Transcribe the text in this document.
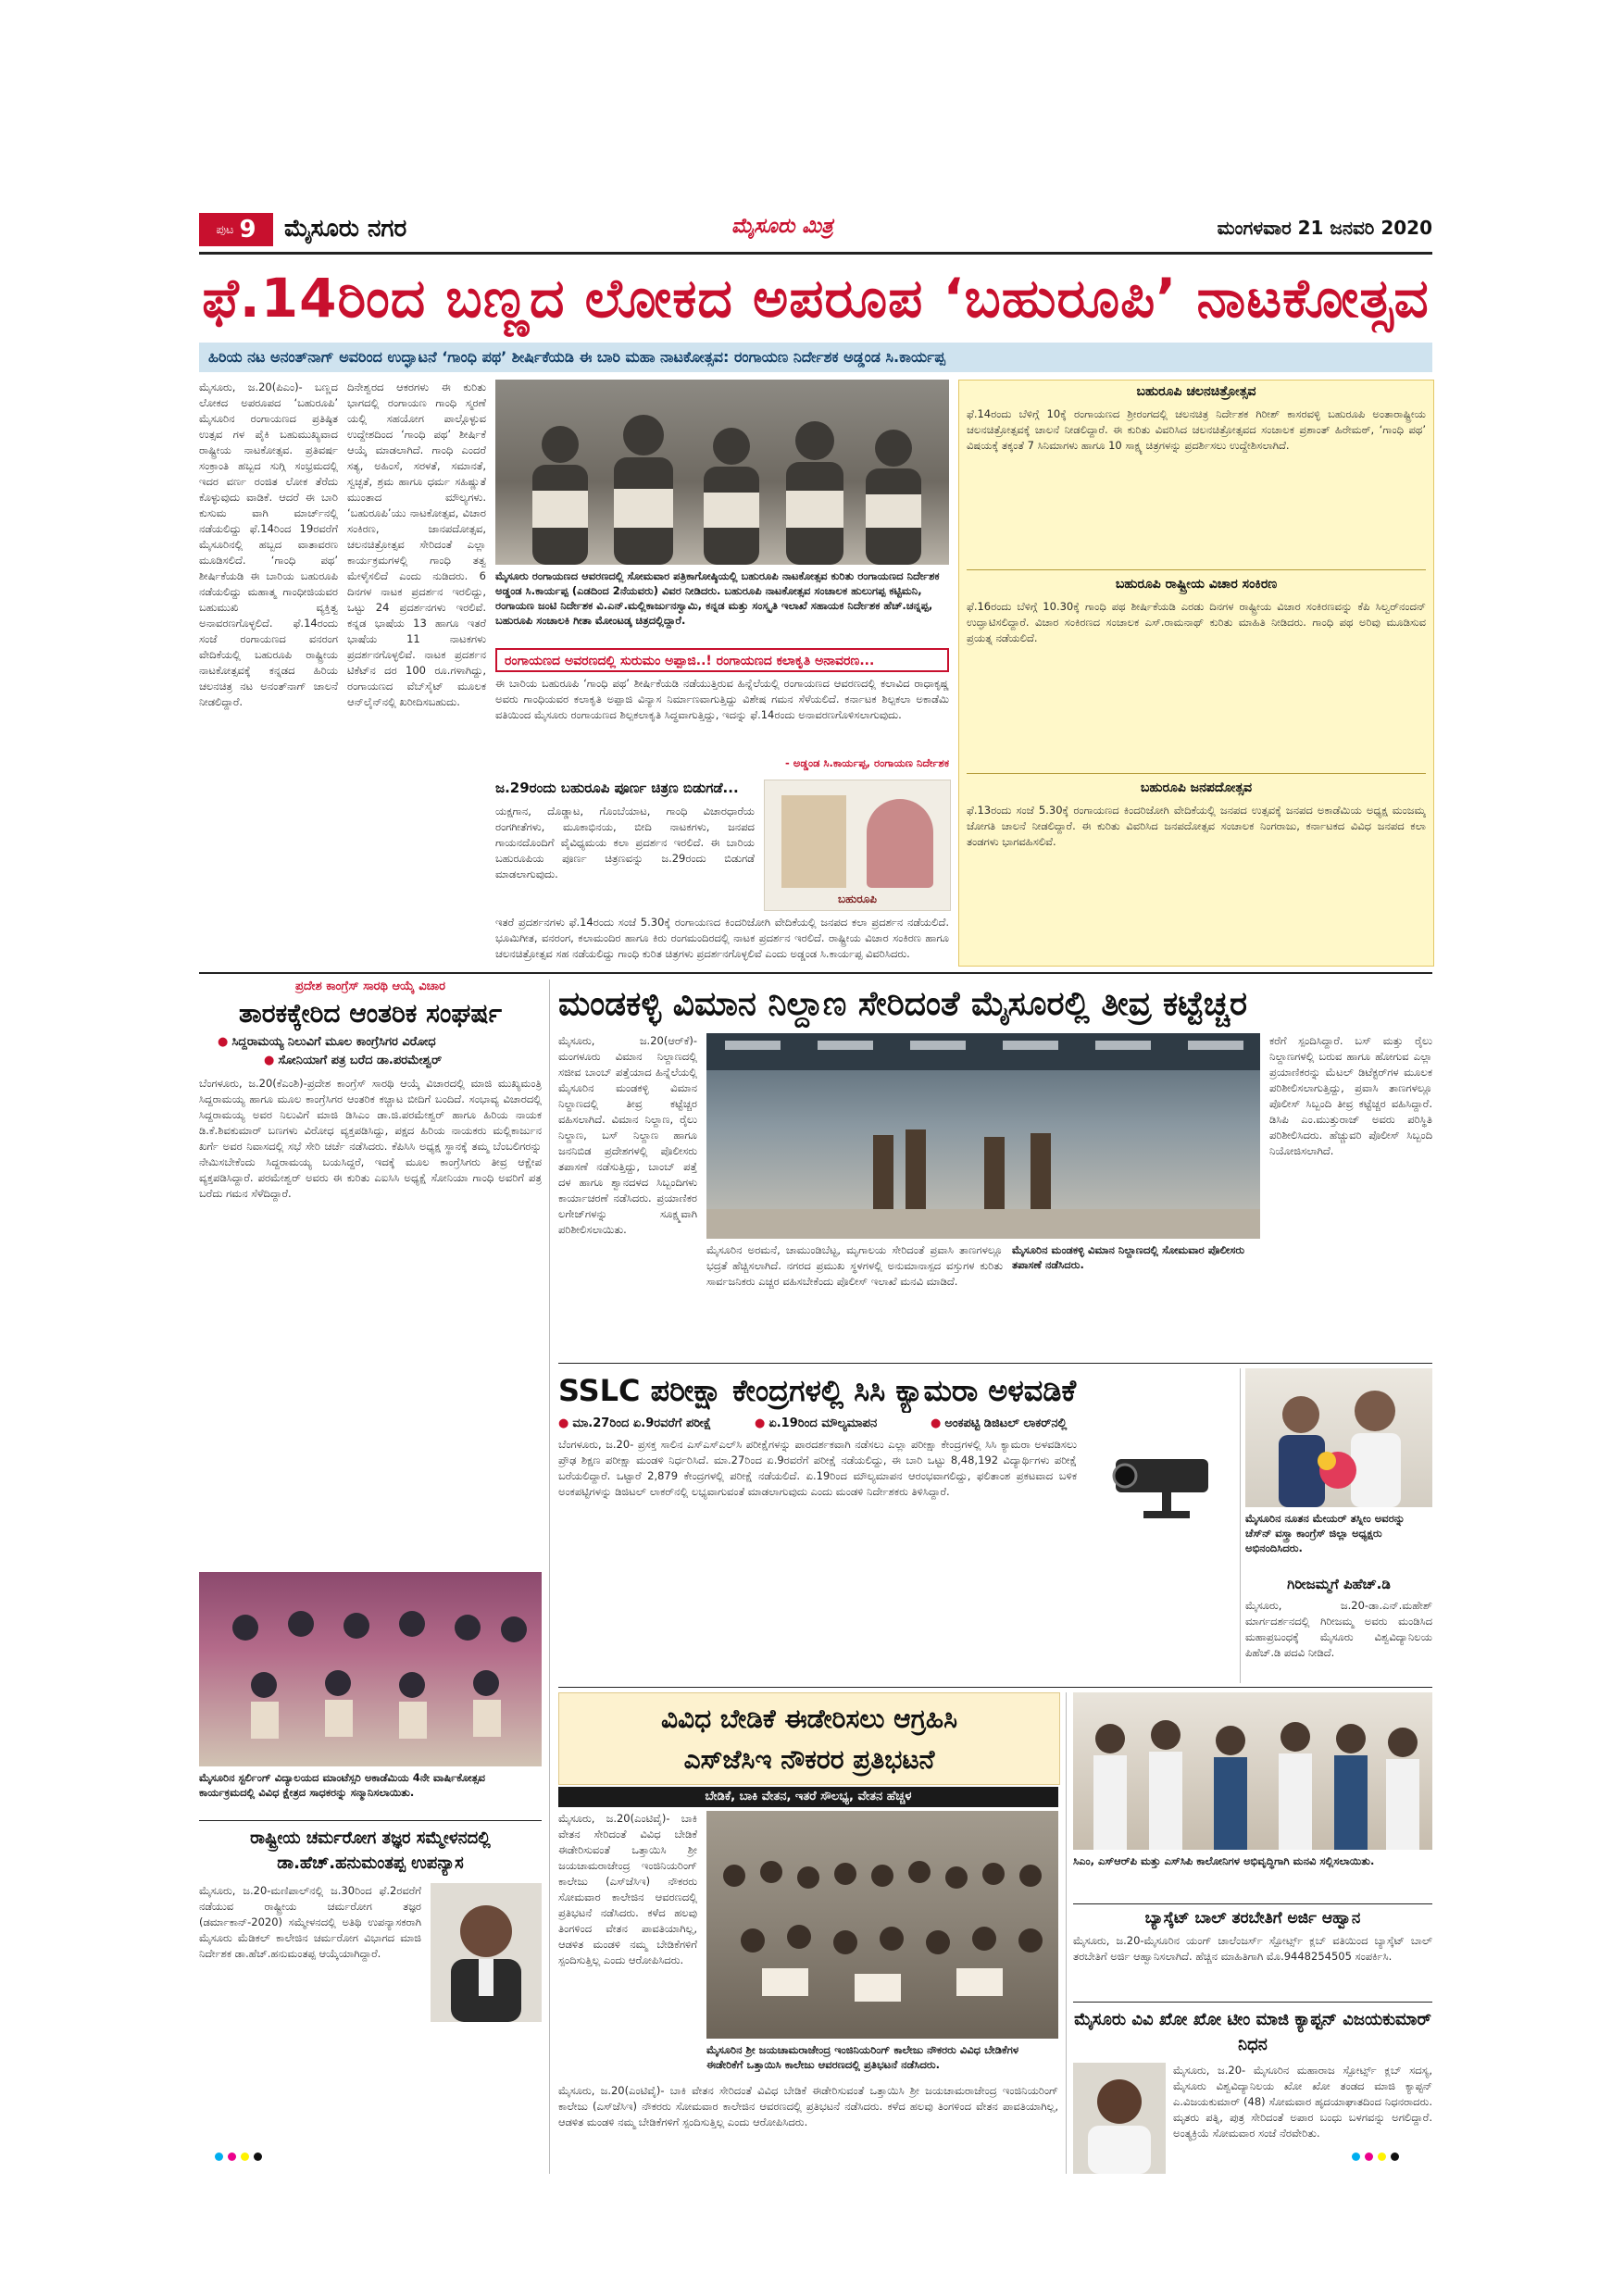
ಪುಟ 9 ಮೈಸೂರು ನಗರ	ಮೈಸೂರು ಮಿತ್ರ	ಮಂಗಳವಾರ 21 ಜನವರಿ 2020
ಫೆ.14ರಿಂದ ಬಣ್ಣದ ಲೋಕದ ಅಪರೂಪ ‘ಬಹುರೂಪಿ’ ನಾಟಕೋತ್ಸವ
ಹಿರಿಯ ನಟ ಅನಂತ್‌ನಾಗ್ ಅವರಿಂದ ಉದ್ಘಾಟನೆ ‘ಗಾಂಧಿ ಪಥ’ ಶೀರ್ಷಿಕೆಯಡಿ ಈ ಬಾರಿ ಮಹಾ ನಾಟಕೋತ್ಸವ: ರಂಗಾಯಣ ನಿರ್ದೇಶಕ ಅಡ್ಡಂಡ ಸಿ.ಕಾರ್ಯಪ್ಪ
ಮೈಸೂರು, ಜ.20(ಪಿಎಂ)- ಬಣ್ಣದ ಲೋಕದ ಅಪರೂಪದ ‘ಬಹುರೂಪಿ’ ಮೈಸೂರಿನ ರಂಗಾಯಣದ ಪ್ರತಿಷ್ಠಿತ ಉತ್ಸವ ಗಳ ಪೈಕಿ ಬಹುಮುಖ್ಯವಾದ ರಾಷ್ಟ್ರೀಯ ನಾಟಕೋತ್ಸವ. ಪ್ರತಿವರ್ಷ ಸಂಕ್ರಾಂತಿ ಹಬ್ಬದ ಸುಗ್ಗಿ ಸಂಭ್ರಮದಲ್ಲಿ ಇದರ ವರ್ಣ ರಂಜಿತ ಲೋಕ ತೆರೆದು ಕೊಳ್ಳುವುದು ವಾಡಿಕೆ. ಆದರೆ ಈ ಬಾರಿ ಕುಸುಮ ವಾಗಿ ಮಾರ್ಚ್‌ನಲ್ಲಿ ನಡೆಯಲಿದ್ದು ಫೆ.14ರಿಂದ 19ರವರೆಗೆ ಮೈಸೂರಿನಲ್ಲಿ ಹಬ್ಬದ ವಾತಾವರಣ ಮೂಡಿಸಲಿದೆ. ‘ಗಾಂಧಿ ಪಥ’ ಶೀರ್ಷಿಕೆಯಡಿ ಈ ಬಾರಿಯ ಬಹುರೂಪಿ ನಡೆಯಲಿದ್ದು ಮಹಾತ್ಮ ಗಾಂಧೀಜಿಯವರ ಬಹುಮುಖಿ ವ್ಯಕ್ತಿತ್ವ ಅನಾವರಣಗೊಳ್ಳಲಿದೆ. ಫೆ.14ರಂದು ಸಂಜೆ ರಂಗಾಯಣದ ವನರಂಗ ವೇದಿಕೆಯಲ್ಲಿ ಬಹುರೂಪಿ ರಾಷ್ಟ್ರೀಯ ನಾಟಕೋತ್ಸವಕ್ಕೆ ಕನ್ನಡದ ಹಿರಿಯ ಚಲನಚಿತ್ರ ನಟ ಅನಂತ್‌ನಾಗ್ ಚಾಲನೆ ನೀಡಲಿದ್ದಾರೆ.
ದಿನೇಶ್ವರದ ಆಕರಗಳು ಈ ಕುರಿತು ಭಾಗದಲ್ಲಿ ರಂಗಾಯಣ ಗಾಂಧಿ ಸ್ಮರಣೆ ಯಲ್ಲಿ ಸಹಯೋಗ ಪಾಲ್ಗೊಳ್ಳುವ ಉದ್ದೇಶದಿಂದ ‘ಗಾಂಧಿ ಪಥ’ ಶೀರ್ಷಿಕೆ ಆಯ್ಕೆ ಮಾಡಲಾಗಿದೆ. ಗಾಂಧಿ ಎಂದರೆ ಸತ್ಯ, ಅಹಿಂಸೆ, ಸರಳತೆ, ಸಮಾನತೆ, ಸ್ವಚ್ಛತೆ, ಶ್ರಮ ಹಾಗೂ ಧರ್ಮ ಸಹಿಷ್ಣುತೆ ಮುಂತಾದ ಮೌಲ್ಯಗಳು. ‘ಬಹುರೂಪಿ’ಯು ನಾಟಕೋತ್ಸವ, ವಿಚಾರ ಸಂಕಿರಣ, ಜಾನಪದೋತ್ಸವ, ಚಲನಚಿತ್ರೋತ್ಸವ ಸೇರಿದಂತೆ ಎಲ್ಲಾ ಕಾರ್ಯಕ್ರಮಗಳಲ್ಲಿ ಗಾಂಧಿ ತತ್ವ ಮೇಳೈಸಲಿದೆ ಎಂದು ನುಡಿದರು. 6 ದಿನಗಳ ನಾಟಕ ಪ್ರದರ್ಶನ ಇರಲಿದ್ದು, ಒಟ್ಟು 24 ಪ್ರದರ್ಶನಗಳು ಇರಲಿವೆ. ಕನ್ನಡ ಭಾಷೆಯ 13 ಹಾಗೂ ಇತರೆ ಭಾಷೆಯ 11 ನಾಟಕಗಳು ಪ್ರದರ್ಶನಗೊಳ್ಳಲಿವೆ. ನಾಟಕ ಪ್ರದರ್ಶನ ಟಿಕೆಟ್‌ನ ದರ 100 ರೂ.ಗಳಾಗಿದ್ದು, ರಂಗಾಯಣದ ವೆಬ್‌ಸೈಟ್ ಮೂಲಕ ಆನ್‌ಲೈನ್‌ನಲ್ಲಿ ಖರೀದಿಸಬಹುದು.
ಮೈಸೂರು ರಂಗಾಯಣದ ಆವರಣದಲ್ಲಿ ಸೋಮವಾರ ಪತ್ರಿಕಾಗೋಷ್ಠಿಯಲ್ಲಿ ಬಹುರೂಪಿ ನಾಟಕೋತ್ಸವ ಕುರಿತು ರಂಗಾಯಣದ ನಿರ್ದೇಶಕ ಅಡ್ಡಂಡ ಸಿ.ಕಾರ್ಯಪ್ಪ (ಎಡದಿಂದ 2ನೆಯವರು) ವಿವರ ನೀಡಿದರು. ಬಹುರೂಪಿ ನಾಟಕೋತ್ಸವ ಸಂಚಾಲಕ ಹುಲುಗಪ್ಪ ಕಟ್ಟಿಮನಿ, ರಂಗಾಯಣ ಜಂಟಿ ನಿರ್ದೇಶಕ ವಿ.ಎನ್.ಮಲ್ಲಿಕಾರ್ಜುನಸ್ವಾಮಿ, ಕನ್ನಡ ಮತ್ತು ಸಂಸ್ಕೃತಿ ಇಲಾಖೆ ಸಹಾಯಕ ನಿರ್ದೇಶಕ ಹೆಚ್.ಚನ್ನಪ್ಪ, ಬಹುರೂಪಿ ಸಂಚಾಲಕಿ ಗೀತಾ ಮೋಂಟಡ್ಕ ಚಿತ್ರದಲ್ಲಿದ್ದಾರೆ.
ರಂಗಾಯಣದ ಅವರಣದಲ್ಲಿ ಸುರುಮಂ ಅಪ್ಪಾಜಿ..! ರಂಗಾಯಣದ ಕಲಾಕೃತಿ ಅನಾವರಣ...
ಈ ಬಾರಿಯ ಬಹುರೂಪಿ ‘ಗಾಂಧಿ ಪಥ’ ಶೀರ್ಷಿಕೆಯಡಿ ನಡೆಯುತ್ತಿರುವ ಹಿನ್ನೆಲೆಯಲ್ಲಿ ರಂಗಾಯಣದ ಆವರಣದಲ್ಲಿ ಕಲಾವಿದ ರಾಧಾಕೃಷ್ಣ ಅವರು ಗಾಂಧಿಯವರ ಕಲಾಕೃತಿ ಅಪ್ಪಾಜಿ ವಿನ್ಯಾಸ ನಿರ್ಮಾಣವಾಗುತ್ತಿದ್ದು ವಿಶೇಷ ಗಮನ ಸೆಳೆಯಲಿದೆ. ಕರ್ನಾಟಕ ಶಿಲ್ಪಕಲಾ ಅಕಾಡೆಮಿ ವತಿಯಿಂದ ಮೈಸೂರು ರಂಗಾಯಣದ ಶಿಲ್ಪಕಲಾಕೃತಿ ಸಿದ್ಧವಾಗುತ್ತಿದ್ದು, ಇದನ್ನು ಫೆ.14ರಂದು ಅನಾವರಣಗೊಳಿಸಲಾಗುವುದು.
- ಅಡ್ಡಂಡ ಸಿ.ಕಾರ್ಯಪ್ಪ, ರಂಗಾಯಣ ನಿರ್ದೇಶಕ
ಜ.29ರಂದು ಬಹುರೂಪಿ ಪೂರ್ಣ ಚಿತ್ರಣ ಬಿಡುಗಡೆ...
ಯಕ್ಷಗಾನ, ದೊಡ್ಡಾಟ, ಗೊಂಬೆಯಾಟ, ಗಾಂಧಿ ವಿಚಾರಧಾರೆಯ ರಂಗಗೀತೆಗಳು, ಮೂಕಾಭಿನಯ, ಬೀದಿ ನಾಟಕಗಳು, ಜನಪದ ಗಾಯನದೊಂದಿಗೆ ವೈವಿಧ್ಯಮಯ ಕಲಾ ಪ್ರದರ್ಶನ ಇರಲಿದೆ. ಈ ಬಾರಿಯ ಬಹುರೂಪಿಯ ಪೂರ್ಣ ಚಿತ್ರಣವನ್ನು ಜ.29ರಂದು ಬಿಡುಗಡೆ ಮಾಡಲಾಗುವುದು.
ಬಹುರೂಪಿ
ಇತರೆ ಪ್ರದರ್ಶನಗಳು ಫೆ.14ರಂದು ಸಂಜೆ 5.30ಕ್ಕೆ ರಂಗಾಯಣದ ಕಿಂದರಿಜೋಗಿ ವೇದಿಕೆಯಲ್ಲಿ ಜನಪದ ಕಲಾ ಪ್ರದರ್ಶನ ನಡೆಯಲಿದೆ. ಭೂಮಿಗೀತ, ವನರಂಗ, ಕಲಾಮಂದಿರ ಹಾಗೂ ಕಿರು ರಂಗಮಂದಿರದಲ್ಲಿ ನಾಟಕ ಪ್ರದರ್ಶನ ಇರಲಿದೆ. ರಾಷ್ಟ್ರೀಯ ವಿಚಾರ ಸಂಕಿರಣ ಹಾಗೂ ಚಲನಚಿತ್ರೋತ್ಸವ ಸಹ ನಡೆಯಲಿದ್ದು ಗಾಂಧಿ ಕುರಿತ ಚಿತ್ರಗಳು ಪ್ರದರ್ಶನಗೊಳ್ಳಲಿವೆ ಎಂದು ಅಡ್ಡಂಡ ಸಿ.ಕಾರ್ಯಪ್ಪ ವಿವರಿಸಿದರು.
ಬಹುರೂಪಿ ಚಲನಚಿತ್ರೋತ್ಸವ
ಫೆ.14ರಂದು ಬೆಳಿಗ್ಗೆ 10ಕ್ಕೆ ರಂಗಾಯಣದ ಶ್ರೀರಂಗದಲ್ಲಿ ಚಲನಚಿತ್ರ ನಿರ್ದೇಶಕ ಗಿರೀಶ್ ಕಾಸರವಳ್ಳಿ ಬಹುರೂಪಿ ಅಂತಾರಾಷ್ಟ್ರೀಯ ಚಲನಚಿತ್ರೋತ್ಸವಕ್ಕೆ ಚಾಲನೆ ನೀಡಲಿದ್ದಾರೆ. ಈ ಕುರಿತು ವಿವರಿಸಿದ ಚಲನಚಿತ್ರೋತ್ಸವದ ಸಂಚಾಲಕ ಪ್ರಶಾಂತ್ ಹಿರೇಮಠ್, ‘ಗಾಂಧಿ ಪಥ’ ವಿಷಯಕ್ಕೆ ತಕ್ಕಂತೆ 7 ಸಿನಿಮಾಗಳು ಹಾಗೂ 10 ಸಾಕ್ಷ್ಯ ಚಿತ್ರಗಳನ್ನು ಪ್ರದರ್ಶಿಸಲು ಉದ್ದೇಶಿಸಲಾಗಿದೆ.
ಬಹುರೂಪಿ ರಾಷ್ಟ್ರೀಯ ವಿಚಾರ ಸಂಕಿರಣ
ಫೆ.16ರಂದು ಬೆಳಿಗ್ಗೆ 10.30ಕ್ಕೆ ಗಾಂಧಿ ಪಥ ಶೀರ್ಷಿಕೆಯಡಿ ಎರಡು ದಿನಗಳ ರಾಷ್ಟ್ರೀಯ ವಿಚಾರ ಸಂಕಿರಣವನ್ನು ಕೆಪಿ ಸಿಲ್ವರ್‌ನಂದನ್ ಉದ್ಘಾಟಿಸಲಿದ್ದಾರೆ. ವಿಚಾರ ಸಂಕಿರಣದ ಸಂಚಾಲಕ ಎಸ್.ರಾಮನಾಥ್ ಕುರಿತು ಮಾಹಿತಿ ನೀಡಿದರು. ಗಾಂಧಿ ಪಥ ಅರಿವು ಮೂಡಿಸುವ ಪ್ರಯತ್ನ ನಡೆಯಲಿದೆ.
ಬಹುರೂಪಿ ಜನಪದೋತ್ಸವ
ಫೆ.13ರಂದು ಸಂಜೆ 5.30ಕ್ಕೆ ರಂಗಾಯಣದ ಕಿಂದರಿಜೋಗಿ ವೇದಿಕೆಯಲ್ಲಿ ಜನಪದ ಉತ್ಸವಕ್ಕೆ ಜನಪದ ಅಕಾಡೆಮಿಯ ಅಧ್ಯಕ್ಷ ಮಂಜಮ್ಮ ಜೋಗತಿ ಚಾಲನೆ ನೀಡಲಿದ್ದಾರೆ. ಈ ಕುರಿತು ವಿವರಿಸಿದ ಜನಪದೋತ್ಸವ ಸಂಚಾಲಕ ನಿಂಗರಾಜು, ಕರ್ನಾಟಕದ ವಿವಿಧ ಜನಪದ ಕಲಾ ತಂಡಗಳು ಭಾಗವಹಿಸಲಿವೆ.
ಪ್ರದೇಶ ಕಾಂಗ್ರೆಸ್ ಸಾರಥಿ ಆಯ್ಕೆ ವಿಚಾರ
ತಾರಕಕ್ಕೇರಿದ ಆಂತರಿಕ ಸಂಘರ್ಷ
● ಸಿದ್ದರಾಮಯ್ಯ ನಿಲುವಿಗೆ ಮೂಲ ಕಾಂಗ್ರೆಸಿಗರ ವಿರೋಧ
● ಸೋನಿಯಾಗೆ ಪತ್ರ ಬರೆದ ಡಾ.ಪರಮೇಶ್ವರ್
ಬೆಂಗಳೂರು, ಜ.20(ಕೆಎಂಶಿ)-ಪ್ರದೇಶ ಕಾಂಗ್ರೆಸ್ ಸಾರಥಿ ಆಯ್ಕೆ ವಿಚಾರದಲ್ಲಿ ಮಾಜಿ ಮುಖ್ಯಮಂತ್ರಿ ಸಿದ್ದರಾಮಯ್ಯ ಹಾಗೂ ಮೂಲ ಕಾಂಗ್ರೆಸಿಗರ ಆಂತರಿಕ ಕಚ್ಚಾಟ ಬೀದಿಗೆ ಬಂದಿದೆ. ಸಂಭಾವ್ಯ ವಿಚಾರದಲ್ಲಿ ಸಿದ್ದರಾಮಯ್ಯ ಅವರ ನಿಲುವಿಗೆ ಮಾಜಿ ಡಿಸಿಎಂ ಡಾ.ಜಿ.ಪರಮೇಶ್ವರ್ ಹಾಗೂ ಹಿರಿಯ ನಾಯಕ ಡಿ.ಕೆ.ಶಿವಕುಮಾರ್ ಬಣಗಳು ವಿರೋಧ ವ್ಯಕ್ತಪಡಿಸಿದ್ದು, ಪಕ್ಷದ ಹಿರಿಯ ನಾಯಕರು ಮಲ್ಲಿಕಾರ್ಜುನ ಖರ್ಗೆ ಅವರ ನಿವಾಸದಲ್ಲಿ ಸಭೆ ಸೇರಿ ಚರ್ಚೆ ನಡೆಸಿದರು. ಕೆಪಿಸಿಸಿ ಅಧ್ಯಕ್ಷ ಸ್ಥಾನಕ್ಕೆ ತಮ್ಮ ಬೆಂಬಲಿಗರನ್ನು ನೇಮಿಸಬೇಕೆಂದು ಸಿದ್ದರಾಮಯ್ಯ ಬಯಸಿದ್ದರೆ, ಇದಕ್ಕೆ ಮೂಲ ಕಾಂಗ್ರೆಸಿಗರು ತೀವ್ರ ಆಕ್ಷೇಪ ವ್ಯಕ್ತಪಡಿಸಿದ್ದಾರೆ. ಪರಮೇಶ್ವರ್ ಅವರು ಈ ಕುರಿತು ಎಐಸಿಸಿ ಅಧ್ಯಕ್ಷೆ ಸೋನಿಯಾ ಗಾಂಧಿ ಅವರಿಗೆ ಪತ್ರ ಬರೆದು ಗಮನ ಸೆಳೆದಿದ್ದಾರೆ.
ಮಂಡಕಳ್ಳಿ ವಿಮಾನ ನಿಲ್ದಾಣ ಸೇರಿದಂತೆ ಮೈಸೂರಲ್ಲಿ ತೀವ್ರ ಕಟ್ಟೆಚ್ಚರ
ಮೈಸೂರು, ಜ.20(ಆರ್‌ಕೆ)- ಮಂಗಳೂರು ವಿಮಾನ ನಿಲ್ದಾಣದಲ್ಲಿ ಸಜೀವ ಬಾಂಬ್ ಪತ್ತೆಯಾದ ಹಿನ್ನೆಲೆಯಲ್ಲಿ ಮೈಸೂರಿನ ಮಂಡಕಳ್ಳಿ ವಿಮಾನ ನಿಲ್ದಾಣದಲ್ಲಿ ತೀವ್ರ ಕಟ್ಟೆಚ್ಚರ ವಹಿಸಲಾಗಿದೆ. ವಿಮಾನ ನಿಲ್ದಾಣ, ರೈಲು ನಿಲ್ದಾಣ, ಬಸ್ ನಿಲ್ದಾಣ ಹಾಗೂ ಜನನಿಬಿಡ ಪ್ರದೇಶಗಳಲ್ಲಿ ಪೊಲೀಸರು ತಪಾಸಣೆ ನಡೆಸುತ್ತಿದ್ದು, ಬಾಂಬ್ ಪತ್ತೆ ದಳ ಹಾಗೂ ಶ್ವಾನದಳದ ಸಿಬ್ಬಂದಿಗಳು ಕಾರ್ಯಾಚರಣೆ ನಡೆಸಿದರು. ಪ್ರಯಾಣಿಕರ ಲಗೇಜ್‌ಗಳನ್ನು ಸೂಕ್ಷ್ಮವಾಗಿ ಪರಿಶೀಲಿಸಲಾಯಿತು.
ಕರೆಗೆ ಸ್ಪಂದಿಸಿದ್ದಾರೆ. ಬಸ್ ಮತ್ತು ರೈಲು ನಿಲ್ದಾಣಗಳಲ್ಲಿ ಬರುವ ಹಾಗೂ ಹೋಗುವ ಎಲ್ಲಾ ಪ್ರಯಾಣಿಕರನ್ನು ಮೆಟಲ್ ಡಿಟೆಕ್ಟರ್‌ಗಳ ಮೂಲಕ ಪರಿಶೀಲಿಸಲಾಗುತ್ತಿದ್ದು, ಪ್ರವಾಸಿ ತಾಣಗಳಲ್ಲೂ ಪೊಲೀಸ್ ಸಿಬ್ಬಂದಿ ತೀವ್ರ ಕಟ್ಟೆಚ್ಚರ ವಹಿಸಿದ್ದಾರೆ. ಡಿಸಿಪಿ ಎಂ.ಮುತ್ತುರಾಜ್ ಅವರು ಪರಿಸ್ಥಿತಿ ಪರಿಶೀಲಿಸಿದರು. ಹೆಚ್ಚುವರಿ ಪೊಲೀಸ್ ಸಿಬ್ಬಂದಿ ನಿಯೋಜಿಸಲಾಗಿದೆ.
ಮೈಸೂರಿನ ಅರಮನೆ, ಚಾಮುಂಡಿಬೆಟ್ಟ, ಮೃಗಾಲಯ ಸೇರಿದಂತೆ ಪ್ರವಾಸಿ ತಾಣಗಳಲ್ಲೂ ಭದ್ರತೆ ಹೆಚ್ಚಿಸಲಾಗಿದೆ. ನಗರದ ಪ್ರಮುಖ ಸ್ಥಳಗಳಲ್ಲಿ ಅನುಮಾನಾಸ್ಪದ ವಸ್ತುಗಳ ಕುರಿತು ಸಾರ್ವಜನಿಕರು ಎಚ್ಚರ ವಹಿಸಬೇಕೆಂದು ಪೊಲೀಸ್ ಇಲಾಖೆ ಮನವಿ ಮಾಡಿದೆ.
ಮೈಸೂರಿನ ಮಂಡಕಳ್ಳಿ ವಿಮಾನ ನಿಲ್ದಾಣದಲ್ಲಿ ಸೋಮವಾರ ಪೊಲೀಸರು ತಪಾಸಣೆ ನಡೆಸಿದರು.
SSLC ಪರೀಕ್ಷಾ ಕೇಂದ್ರಗಳಲ್ಲಿ ಸಿಸಿ ಕ್ಯಾಮರಾ ಅಳವಡಿಕೆ
● ಮಾ.27ರಿಂದ ಏ.9ರವರೆಗೆ ಪರೀಕ್ಷೆ	● ಏ.19ರಿಂದ ಮೌಲ್ಯಮಾಪನ	● ಅಂಕಪಟ್ಟಿ ಡಿಜಿಟಲ್ ಲಾಕರ್‌ನಲ್ಲಿ
ಬೆಂಗಳೂರು, ಜ.20- ಪ್ರಸಕ್ತ ಸಾಲಿನ ಎಸ್‌ಎಸ್‌ಎಲ್‌ಸಿ ಪರೀಕ್ಷೆಗಳನ್ನು ಪಾರದರ್ಶಕವಾಗಿ ನಡೆಸಲು ಎಲ್ಲಾ ಪರೀಕ್ಷಾ ಕೇಂದ್ರಗಳಲ್ಲಿ ಸಿಸಿ ಕ್ಯಾಮರಾ ಅಳವಡಿಸಲು ಪ್ರೌಢ ಶಿಕ್ಷಣ ಪರೀಕ್ಷಾ ಮಂಡಳಿ ನಿರ್ಧರಿಸಿದೆ. ಮಾ.27ರಿಂದ ಏ.9ರವರೆಗೆ ಪರೀಕ್ಷೆ ನಡೆಯಲಿದ್ದು, ಈ ಬಾರಿ ಒಟ್ಟು 8,48,192 ವಿದ್ಯಾರ್ಥಿಗಳು ಪರೀಕ್ಷೆ ಬರೆಯಲಿದ್ದಾರೆ. ಒಟ್ಟಾರೆ 2,879 ಕೇಂದ್ರಗಳಲ್ಲಿ ಪರೀಕ್ಷೆ ನಡೆಯಲಿದೆ. ಏ.19ರಿಂದ ಮೌಲ್ಯಮಾಪನ ಆರಂಭವಾಗಲಿದ್ದು, ಫಲಿತಾಂಶ ಪ್ರಕಟವಾದ ಬಳಿಕ ಅಂಕಪಟ್ಟಿಗಳನ್ನು ಡಿಜಿಟಲ್ ಲಾಕರ್‌ನಲ್ಲಿ ಲಭ್ಯವಾಗುವಂತೆ ಮಾಡಲಾಗುವುದು ಎಂದು ಮಂಡಳಿ ನಿರ್ದೇಶಕರು ತಿಳಿಸಿದ್ದಾರೆ.
ಮೈಸೂರಿನ ನೂತನ ಮೇಯರ್ ತಸ್ನೀಂ ಅವರನ್ನು ಚೆಸ್‌ನ್ ವಸ್ತ್ರಾ ಕಾಂಗ್ರೆಸ್ ಜಿಲ್ಲಾ ಅಧ್ಯಕ್ಷರು ಅಭಿನಂದಿಸಿದರು.
ಗಿರೀಜಮ್ಮಗೆ ಪಿಹೆಚ್.ಡಿ
ಮೈಸೂರು, ಜ.20-ಡಾ.ಎನ್.ಮಹೇಶ್ ಮಾರ್ಗದರ್ಶನದಲ್ಲಿ ಗಿರೀಜಮ್ಮ ಅವರು ಮಂಡಿಸಿದ ಮಹಾಪ್ರಬಂಧಕ್ಕೆ ಮೈಸೂರು ವಿಶ್ವವಿದ್ಯಾನಿಲಯ ಪಿಹೆಚ್.ಡಿ ಪದವಿ ನೀಡಿದೆ.
ಮೈಸೂರಿನ ಸ್ಟರ್ಲಿಂಗ್ ವಿದ್ಯಾಲಯದ ಮಾಂಟೆಸ್ಸರಿ ಅಕಾಡೆಮಿಯ 4ನೇ ವಾರ್ಷಿಕೋತ್ಸವ ಕಾರ್ಯಕ್ರಮದಲ್ಲಿ ವಿವಿಧ ಕ್ಷೇತ್ರದ ಸಾಧಕರನ್ನು ಸನ್ಮಾನಿಸಲಾಯಿತು.
ರಾಷ್ಟ್ರೀಯ ಚರ್ಮರೋಗ ತಜ್ಞರ ಸಮ್ಮೇಳನದಲ್ಲಿ ಡಾ.ಹೆಚ್.ಹನುಮಂತಪ್ಪ ಉಪನ್ಯಾಸ
ಮೈಸೂರು, ಜ.20-ಮಣಿಪಾಲ್‌ನಲ್ಲಿ ಜ.30ರಿಂದ ಫೆ.2ರವರೆಗೆ ನಡೆಯುವ ರಾಷ್ಟ್ರೀಯ ಚರ್ಮರೋಗ ತಜ್ಞರ (ಡರ್ಮಾಕಾನ್-2020) ಸಮ್ಮೇಳನದಲ್ಲಿ ಅತಿಥಿ ಉಪನ್ಯಾಸಕರಾಗಿ ಮೈಸೂರು ಮೆಡಿಕಲ್ ಕಾಲೇಜಿನ ಚರ್ಮರೋಗ ವಿಭಾಗದ ಮಾಜಿ ನಿರ್ದೇಶಕ ಡಾ.ಹೆಚ್.ಹನುಮಂತಪ್ಪ ಆಯ್ಕೆಯಾಗಿದ್ದಾರೆ.
ವಿವಿಧ ಬೇಡಿಕೆ ಈಡೇರಿಸಲು ಆಗ್ರಹಿಸಿ
ಎಸ್‌ಜೆಸಿಇ ನೌಕರರ ಪ್ರತಿಭಟನೆ
ಬೇಡಿಕೆ, ಬಾಕಿ ವೇತನ, ಇತರೆ ಸೌಲಭ್ಯ, ವೇತನ ಹೆಚ್ಚಳ
ಮೈಸೂರು, ಜ.20(ಎಂಟಿವೈ)- ಬಾಕಿ ವೇತನ ಸೇರಿದಂತೆ ವಿವಿಧ ಬೇಡಿಕೆ ಈಡೇರಿಸುವಂತೆ ಒತ್ತಾಯಿಸಿ ಶ್ರೀ ಜಯಚಾಮರಾಜೇಂದ್ರ ಇಂಜಿನಿಯರಿಂಗ್ ಕಾಲೇಜು (ಎಸ್‌ಜೆಸಿಇ) ನೌಕರರು ಸೋಮವಾರ ಕಾಲೇಜಿನ ಆವರಣದಲ್ಲಿ ಪ್ರತಿಭಟನೆ ನಡೆಸಿದರು. ಕಳೆದ ಹಲವು ತಿಂಗಳಿಂದ ವೇತನ ಪಾವತಿಯಾಗಿಲ್ಲ, ಆಡಳಿತ ಮಂಡಳಿ ನಮ್ಮ ಬೇಡಿಕೆಗಳಿಗೆ ಸ್ಪಂದಿಸುತ್ತಿಲ್ಲ ಎಂದು ಆರೋಪಿಸಿದರು.
ಮೈಸೂರಿನ ಶ್ರೀ ಜಯಚಾಮರಾಜೇಂದ್ರ ಇಂಜಿನಿಯರಿಂಗ್ ಕಾಲೇಜು ನೌಕರರು ವಿವಿಧ ಬೇಡಿಕೆಗಳ ಈಡೇರಿಕೆಗೆ ಒತ್ತಾಯಿಸಿ ಕಾಲೇಜು ಆವರಣದಲ್ಲಿ ಪ್ರತಿಭಟನೆ ನಡೆಸಿದರು.
ಮೈಸೂರು, ಜ.20(ಎಂಟಿವೈ)- ಬಾಕಿ ವೇತನ ಸೇರಿದಂತೆ ವಿವಿಧ ಬೇಡಿಕೆ ಈಡೇರಿಸುವಂತೆ ಒತ್ತಾಯಿಸಿ ಶ್ರೀ ಜಯಚಾಮರಾಜೇಂದ್ರ ಇಂಜಿನಿಯರಿಂಗ್ ಕಾಲೇಜು (ಎಸ್‌ಜೆಸಿಇ) ನೌಕರರು ಸೋಮವಾರ ಕಾಲೇಜಿನ ಆವರಣದಲ್ಲಿ ಪ್ರತಿಭಟನೆ ನಡೆಸಿದರು. ಕಳೆದ ಹಲವು ತಿಂಗಳಿಂದ ವೇತನ ಪಾವತಿಯಾಗಿಲ್ಲ, ಆಡಳಿತ ಮಂಡಳಿ ನಮ್ಮ ಬೇಡಿಕೆಗಳಿಗೆ ಸ್ಪಂದಿಸುತ್ತಿಲ್ಲ ಎಂದು ಆರೋಪಿಸಿದರು.
ಸಿಎಂ, ಎಸ್‌ಆರ್‌ಪಿ ಮತ್ತು ಎಸ್‌ಸಿಪಿ ಕಾಲೋನಿಗಳ ಅಭಿವೃದ್ಧಿಗಾಗಿ ಮನವಿ ಸಲ್ಲಿಸಲಾಯಿತು.
ಬ್ಯಾಸ್ಕೆಟ್ ಬಾಲ್ ತರಬೇತಿಗೆ ಅರ್ಜಿ ಆಹ್ವಾನ
ಮೈಸೂರು, ಜ.20-ಮೈಸೂರಿನ ಯಂಗ್ ಚಾಲೆಂಜರ್ಸ್ ಸ್ಪೋರ್ಟ್ಸ್ ಕ್ಲಬ್ ವತಿಯಿಂದ ಬ್ಯಾಸ್ಕೆಟ್ ಬಾಲ್ ತರಬೇತಿಗೆ ಅರ್ಜಿ ಆಹ್ವಾನಿಸಲಾಗಿದೆ. ಹೆಚ್ಚಿನ ಮಾಹಿತಿಗಾಗಿ ಮೊ.9448254505 ಸಂಪರ್ಕಿಸಿ.
ಮೈಸೂರು ವಿವಿ ಖೋ ಖೋ ಟೀಂ ಮಾಜಿ ಕ್ಯಾಪ್ಟನ್ ವಿಜಯಕುಮಾರ್ ನಿಧನ
ಮೈಸೂರು, ಜ.20- ಮೈಸೂರಿನ ಮಹಾರಾಜ ಸ್ಪೋರ್ಟ್ಸ್ ಕ್ಲಬ್ ಸದಸ್ಯ, ಮೈಸೂರು ವಿಶ್ವವಿದ್ಯಾನಿಲಯ ಖೋ ಖೋ ತಂಡದ ಮಾಜಿ ಕ್ಯಾಪ್ಟನ್ ಎ.ವಿಜಯಕುಮಾರ್ (48) ಸೋಮವಾರ ಹೃದಯಾಘಾತದಿಂದ ನಿಧನರಾದರು. ಮೃತರು ಪತ್ನಿ, ಪುತ್ರ ಸೇರಿದಂತೆ ಅಪಾರ ಬಂಧು ಬಳಗವನ್ನು ಅಗಲಿದ್ದಾರೆ. ಅಂತ್ಯಕ್ರಿಯೆ ಸೋಮವಾರ ಸಂಜೆ ನೆರವೇರಿತು.
